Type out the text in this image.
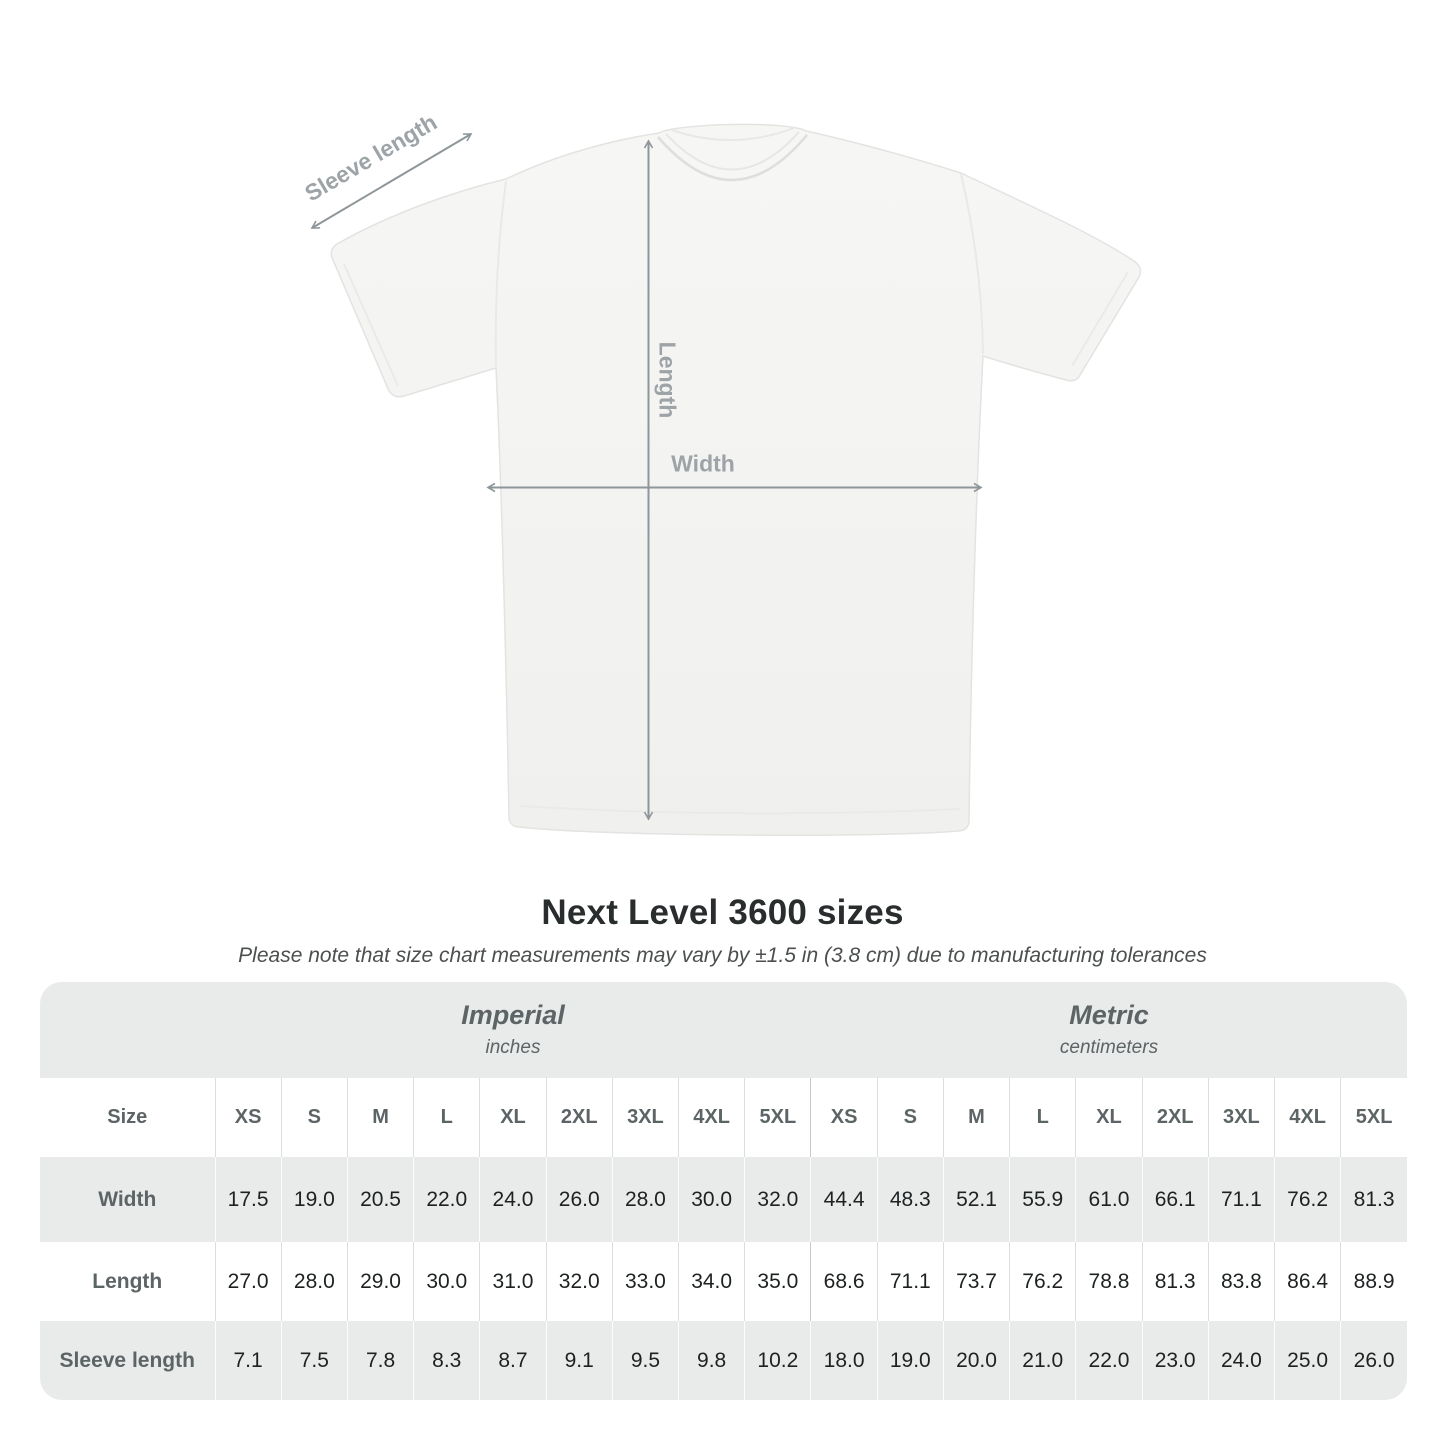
Sleeve length
Length
Width
Next Level 3600 sizes

Please note that size chart measurements may vary by ±1.5 in (3.8 cm) due to manufacturing tolerances

Imperial
inches

Metric
centimeters

Size	XS	S	M	L	XL	2XL	3XL	4XL	5XL	XS	S	M	L	XL	2XL	3XL	4XL	5XL
Width	17.5	19.0	20.5	22.0	24.0	26.0	28.0	30.0	32.0	44.4	48.3	52.1	55.9	61.0	66.1	71.1	76.2	81.3
Length	27.0	28.0	29.0	30.0	31.0	32.0	33.0	34.0	35.0	68.6	71.1	73.7	76.2	78.8	81.3	83.8	86.4	88.9
Sleeve length	7.1	7.5	7.8	8.3	8.7	9.1	9.5	9.8	10.2	18.0	19.0	20.0	21.0	22.0	23.0	24.0	25.0	26.0
